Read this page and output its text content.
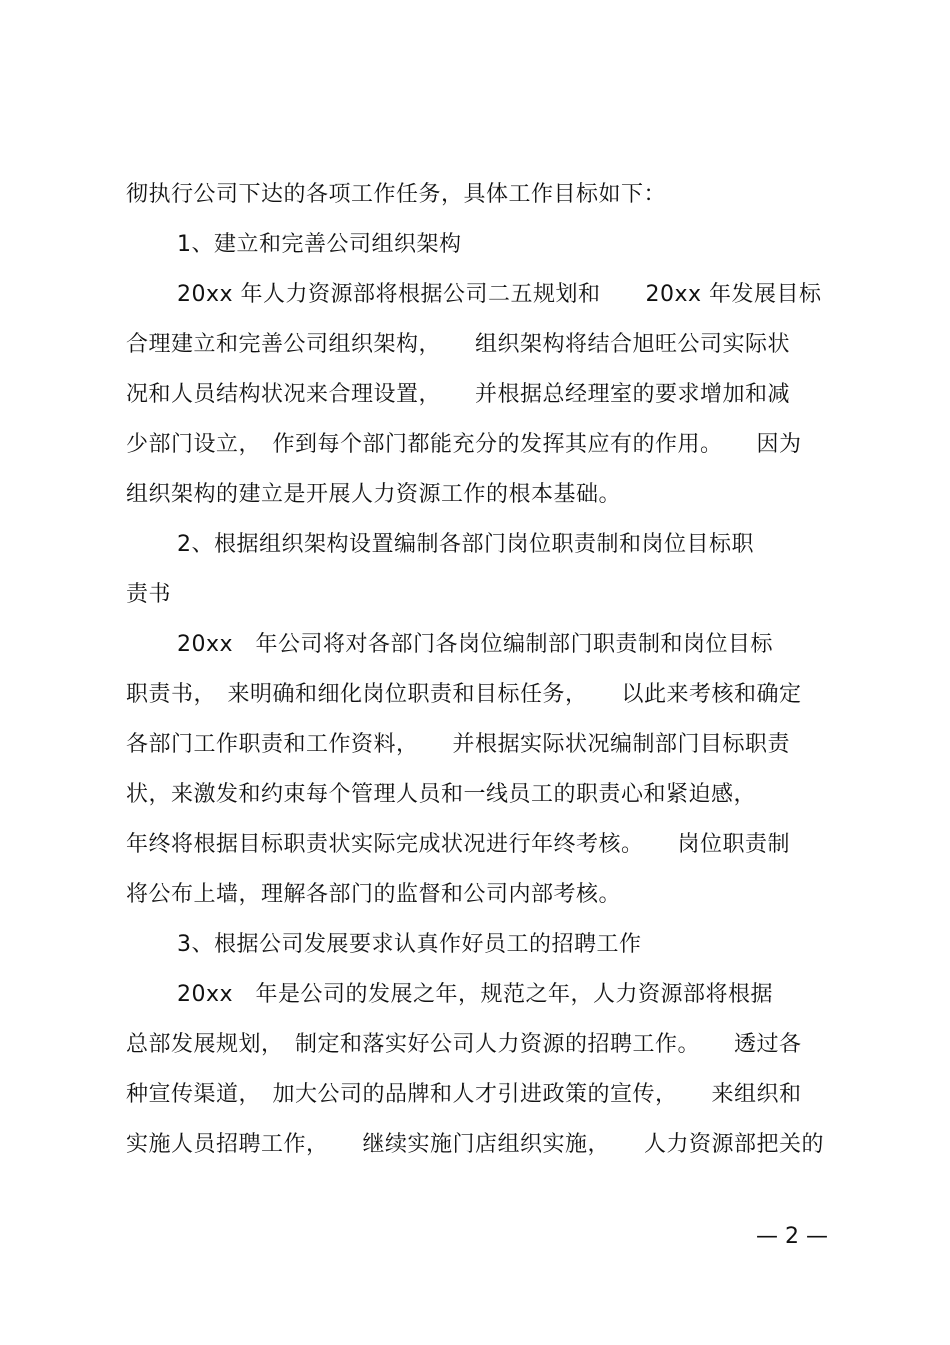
彻执行公司下达的各项工作任务，具体工作目标如下：
1、建立和完善公司组织架构
20xx 年人力资源部将根据公司二五规划和　　20xx 年发展目标
合理建立和完善公司组织架构，　　组织架构将结合旭旺公司实际状
况和人员结构状况来合理设置，　　并根据总经理室的要求增加和减
少部门设立，　作到每个部门都能充分的发挥其应有的作用。　　因为
组织架构的建立是开展人力资源工作的根本基础。
2、根据组织架构设置编制各部门岗位职责制和岗位目标职
责书
20xx　年公司将对各部门各岗位编制部门职责制和岗位目标
职责书，　来明确和细化岗位职责和目标任务，　　以此来考核和确定
各部门工作职责和工作资料，　　并根据实际状况编制部门目标职责
状，来激发和约束每个管理人员和一线员工的职责心和紧迫感，
年终将根据目标职责状实际完成状况进行年终考核。　　岗位职责制
将公布上墙，理解各部门的监督和公司内部考核。
3、根据公司发展要求认真作好员工的招聘工作
20xx　年是公司的发展之年，规范之年，人力资源部将根据
总部发展规划，　制定和落实好公司人力资源的招聘工作。　　透过各
种宣传渠道，　加大公司的品牌和人才引进政策的宣传，　　来组织和
实施人员招聘工作，　　继续实施门店组织实施，　　人力资源部把关的
— 2 —
